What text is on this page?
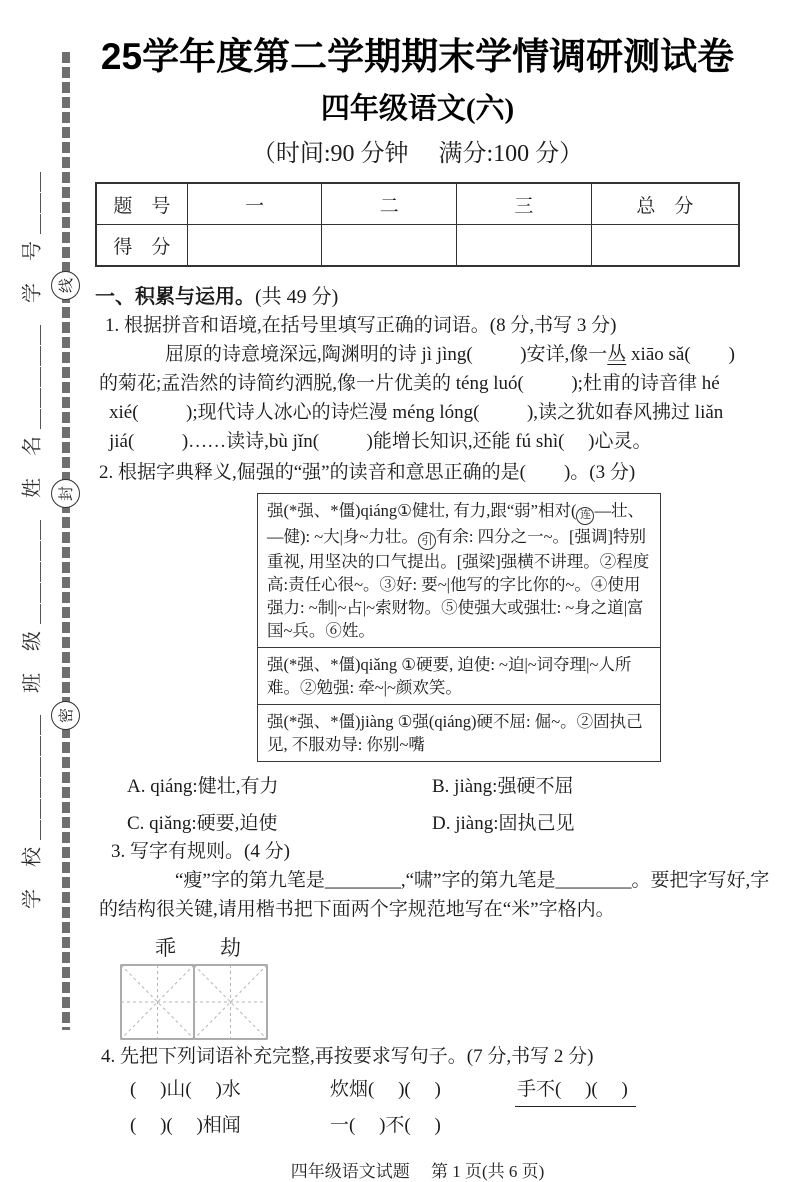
学　校 ＿＿＿＿＿＿　班　级 ＿＿＿＿＿　姓　名 ＿＿＿＿＿　学　号 ＿＿＿	线
封
密
25学年度第二学期期末学情调研测试卷
四年级语文(六)
（时间:90 分钟　 满分:100 分）
题　号	一	二	三	总　分
得　分				
一、积累与运用。(共 49 分)
1. 根据拼音和语境,在括号里填写正确的词语。(8 分,书写 3 分)
屈原的诗意境深远,陶渊明的诗 jì jìng(          )安详,像一丛 xiāo sǎ(        )
的菊花;孟浩然的诗简约洒脱,像一片优美的 téng luó(          );杜甫的诗音律 hé
xié(          );现代诗人冰心的诗烂漫 méng lóng(          ),读之犹如春风拂过 liǎn
jiá(          )……读诗,bù jǐn(          )能增长知识,还能 fú shì(     )心灵。
2. 根据字典释义,倔强的“强”的读音和意思正确的是(　　)。(3 分)
强(*强、*僵)qiáng①健壮, 有力,跟“弱”相对( 连 —壮、—健): ~大|身~力壮。 引 有余: 四分之一~。[强调]特别重视, 用坚决的口气提出。[强梁]强横不讲理。②程度高:责任心很~。③好: 要~|他写的字比你的~。④使用强力: ~制|~占|~索财物。⑤使强大或强壮: ~身之道|富国~兵。⑥姓。
强(*强、*僵)qiǎng ①硬要, 迫使: ~迫|~词夺理|~人所难。②勉强: 牵~|~颜欢笑。
强(*强、*僵)jiàng ①强(qiáng)硬不屈: 倔~。②固执己见, 不服劝导: 你别~嘴
A. qiáng:健壮,有力	B. jiàng:强硬不屈
C. qiǎng:硬要,迫使	D. jiàng:固执己见
3. 写字有规则。(4 分)
“瘦”字的第九笔是________,“啸”字的第九笔是________。要把字写好,字
的结构很关键,请用楷书把下面两个字规范地写在“米”字格内。
乖 劫
4. 先把下列词语补充完整,再按要求写句子。(7 分,书写 2 分)
(　 )山(　 )水	炊烟(　 )(　 )	手不(　 )(　 )
(　 )(　 )相闻	一(　 )不(　 )
四年级语文试题　 第 1 页(共 6 页)
